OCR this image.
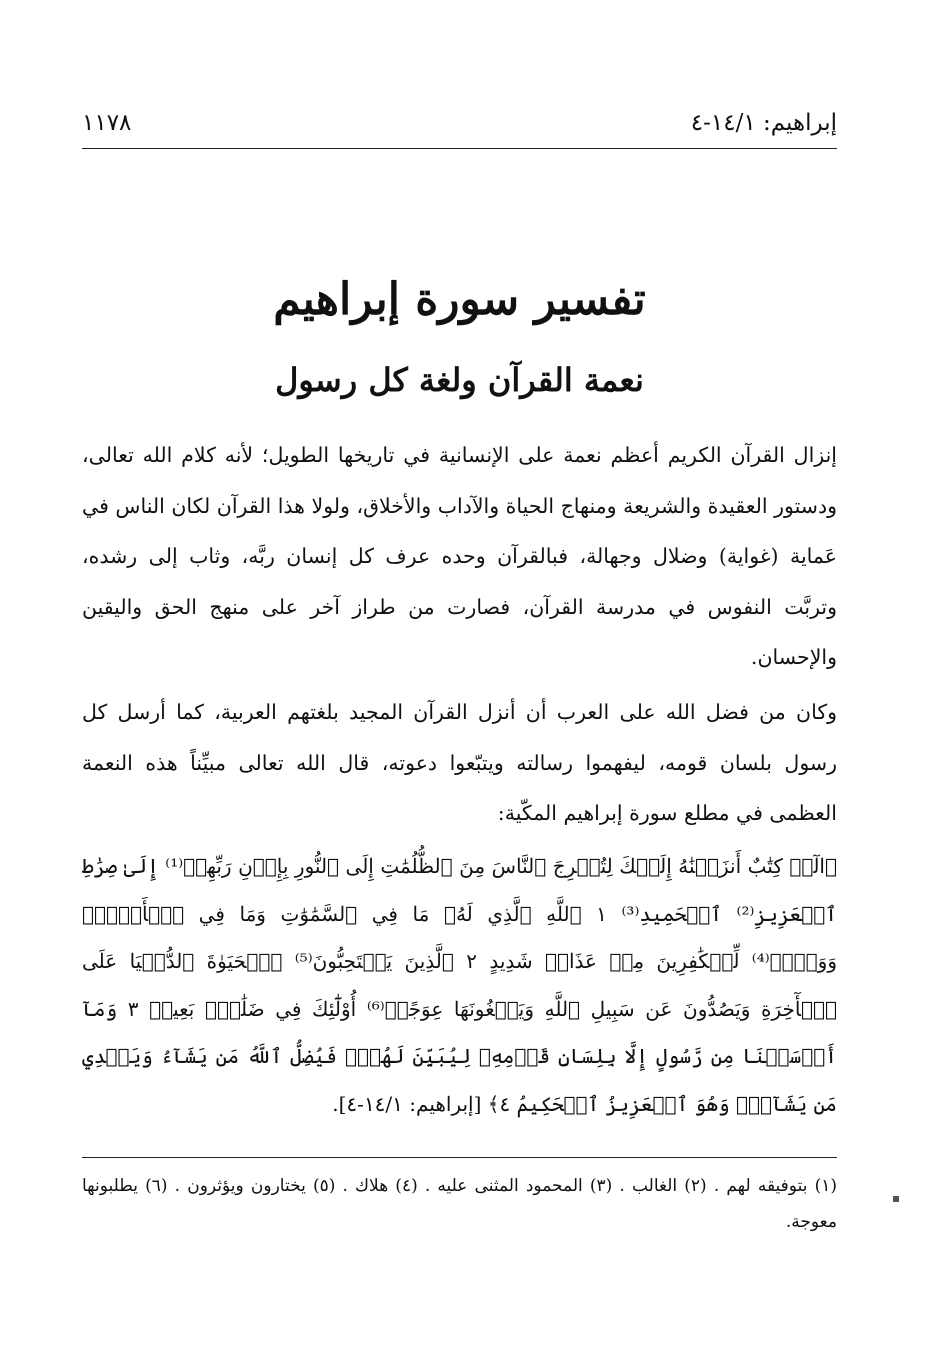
إبراهيم: ١٤/١-٤
١١٧٨
تفسير سورة إبراهيم
نعمة القرآن ولغة كل رسول

إنزال القرآن الكريم أعظم نعمة على الإنسانية في تاريخها الطويل؛ لأنه كلام الله تعالى، ودستور العقيدة والشريعة ومنهاج الحياة والآداب والأخلاق، ولولا هذا القرآن لكان الناس في عَماية (غواية) وضلال وجهالة، فبالقرآن وحده عرف كل إنسان ربَّه، وثاب إلى رشده، وتربَّت النفوس في مدرسة القرآن، فصارت من طراز آخر على منهج الحق واليقين والإحسان.

وكان من فضل الله على العرب أن أنزل القرآن المجيد بلغتهم العربية، كما أرسل كل رسول بلسان قومه، ليفهموا رسالته ويتبّعوا دعوته، قال الله تعالى مبيِّناً هذه النعمة العظمى في مطلع سورة إبراهيم المكّية:

﴿الٓرۚ كِتَٰبٌ أَنزَلۡنَٰهُ إِلَيۡكَ لِتُخۡرِجَ ٱلنَّاسَ مِنَ ٱلظُّلُمَٰتِ إِلَى ٱلنُّورِ بِإِذۡنِ رَبِّهِمۡ⁽¹⁾ إِلَىٰ صِرَٰطِ ٱلۡعَزِيزِ⁽²⁾ ٱلۡحَمِيدِ⁽³⁾ ١ ٱللَّهِ ٱلَّذِي لَهُۥ مَا فِي ٱلسَّمَٰوَٰتِ وَمَا فِي ٱلۡأَرۡضِۗ وَوَيۡلٞ⁽⁴⁾ لِّلۡكَٰفِرِينَ مِنۡ عَذَابٖ شَدِيدٍ ٢ ٱلَّذِينَ يَسۡتَحِبُّونَ⁽⁵⁾ ٱلۡحَيَوٰةَ ٱلدُّنۡيَا عَلَى ٱلۡأٓخِرَةِ وَيَصُدُّونَ عَن سَبِيلِ ٱللَّهِ وَيَبۡغُونَهَا عِوَجًاۚ⁽⁶⁾ أُوْلَٰٓئِكَ فِي ضَلَٰلِۢ بَعِيدٖ ٣ وَمَآ أَرۡسَلۡنَا مِن رَّسُولٍ إِلَّا بِلِسَانِ قَوۡمِهِۦ لِيُبَيِّنَ لَهُمۡۖ فَيُضِلُّ ٱللَّهُ مَن يَشَآءُ وَيَهۡدِي مَن يَشَآءُۚ وَهُوَ ٱلۡعَزِيزُ ٱلۡحَكِيمُ ٤﴾ [إبراهيم: ١٤/١-٤].

(١) بتوفيقه لهم . (٢) الغالب . (٣) المحمود المثنى عليه . (٤) هلاك . (٥) يختارون ويؤثرون . (٦) يطلبونها معوجة.
